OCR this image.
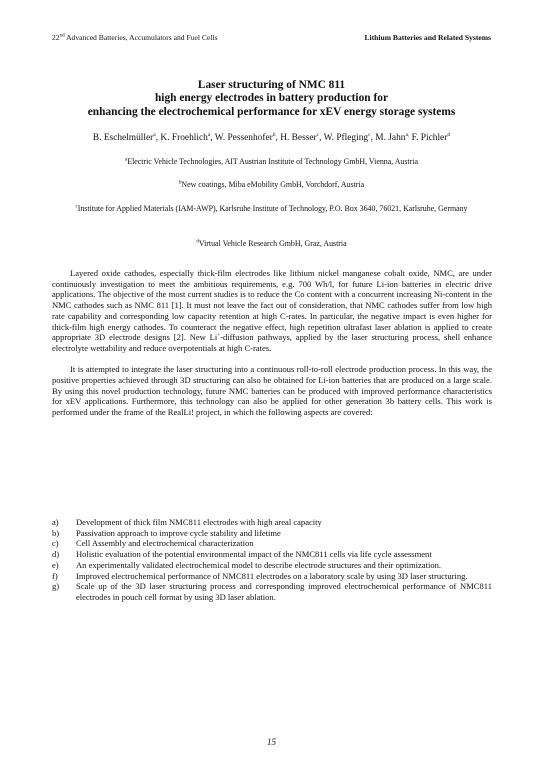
22nd Advanced Batteries, Accumulators and Fuel Cells	Lithium Batteries and Related Systems
Laser structuring of NMC 811
high energy electrodes in battery production for
enhancing the electrochemical performance for xEV energy storage systems
B. Eschelmüller$^a$, K. Froehlich$^a$, W. Pessenhofer$^b$, H. Besser$^c$, W. Pfleging$^c$, M. Jahn$^{a,}$ F. Pichler$^d$
$^a$Electric Vehicle Technologies, AIT Austrian Institute of Technology GmbH, Vienna, Austria
$^b$New coatings, Miba eMobility GmbH, Vorchdorf, Austria
$^c$Institute for Applied Materials (IAM-AWP), Karlsruhe Institute of Technology, P.O. Box 3640, 76021, Karlsruhe, Germany
$^d$Virtual Vehicle Research GmbH, Graz, Austria

Layered oxide cathodes, especially thick-film electrodes like lithium nickel manganese cobalt oxide, NMC, are under continuously investigation to meet the ambitious requirements, e.g. 700 Wh/l, for future Li-ion batteries in electric drive applications. The objective of the most current studies is to reduce the Co content with a concurrent increasing Ni-content in the NMC cathodes such as NMC 811 [1]. It must not leave the fact out of consideration, that NMC cathodes suffer from low high rate capability and corresponding low capacity retention at high C-rates. In particular, the negative impact is even higher for thick-film high energy cathodes. To counteract the negative effect, high repetition ultrafast laser ablation is applied to create appropriate 3D electrode designs [2]. New Li+-diffusion pathways, applied by the laser structuring process, shell enhance electrolyte wettability and reduce overpotentials at high C-rates.

It is attempted to integrate the laser structuring into a continuous roll-to-roll electrode production process. In this way, the positive properties achieved through 3D structuring can also be obtained for Li-ion batteries that are produced on a large scale. By using this novel production technology, future NMC batteries can be produced with improved performance characteristics for xEV applications. Furthermore, this technology can also be applied for other generation 3b battery cells. This work is performed under the frame of the RealLi! project, in which the following aspects are covered:

a)	Development of thick film NMC811 electrodes with high areal capacity
b)	Passivation approach to improve cycle stability and lifetime
c)	Cell Assembly and electrochemical characterization
d)	Holistic evaluation of the potential environmental impact of the NMC811 cells via life cycle assessment
e)	An experimentally validated electrochemical model to describe electrode structures and their optimization.
f)	Improved electrochemical performance of NMC811 electrodes on a laboratory scale by using 3D laser structuring.
g)	Scale up of the 3D laser structuring process and corresponding improved electrochemical performance of NMC811 electrodes in pouch cell format by using 3D laser ablation.
15
